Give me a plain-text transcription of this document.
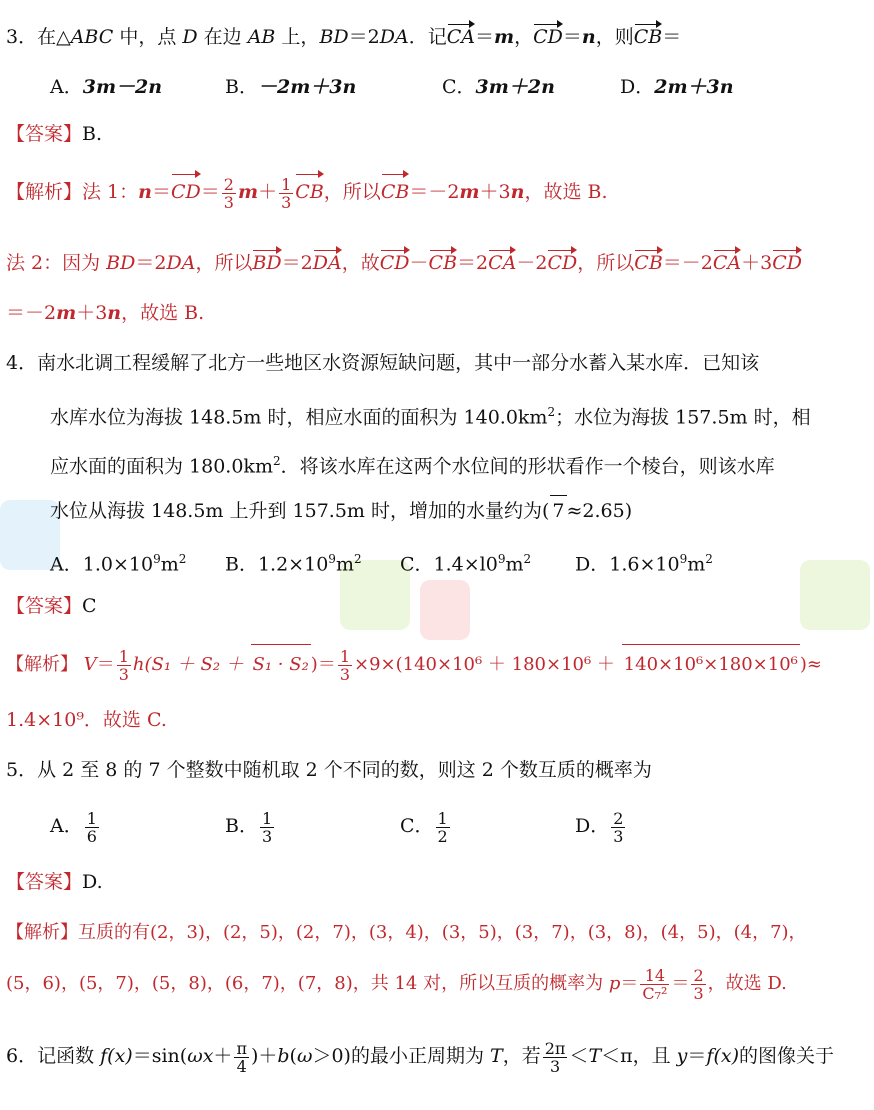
3．在△ABC 中，点 D 在边 AB 上，BD＝2DA．记CA＝m，CD＝n，则CB＝
A．3m－2n	B．－2m＋3n	C．3m＋2n	D．2m＋3n
【答案】B.
【解析】法 1：$n=CD= \frac{2}{3} m+ \frac{1}{3}$ CB，所以CB＝－2m＋3n，故选 B.
法 2：因为 BD＝2DA，所以BD＝2DA，故CD－CB＝2CA－2CD，所以CB＝－2CA＋3CD
＝－2m＋3n，故选 B.
4．南水北调工程缓解了北方一些地区水资源短缺问题，其中一部分水蓄入某水库．已知该
水库水位为海拔 148.5m 时，相应水面的面积为 $140.0km^2$；水位为海拔 157.5m 时，相
应水面的面积为 $180.0km^2$．将该水库在这两个水位间的形状看作一个棱台，则该水库
水位从海拔 148.5m 上升到 157.5m 时，增加的水量约为( 7 ≈2.65)
A．$1.0\times 10^9m^2$ B．$1.2\times 10^9m^2$ C．$1.4\times l0^9m^2$ D．$1.6\times 10^9m^2$
【答案】C
【解析】 $V= \frac{1}{3} h(S_1 + S_2 + S_1 \cdot S_2$ )＝ $\frac{1}{3} \times 9\times(140\times 10^6 + 180\times 10^6 + 140\times 10^6\times 180\times 10^6$ )≈
1.4×10⁹．故选 C.
5．从 2 至 8 的 7 个整数中随机取 2 个不同的数，则这 2 个数互质的概率为
A． $\frac{1}{6}$	B． $\frac{1}{3}$	C． $\frac{1}{2}$	D． $\frac{2}{3}$
【答案】D.
【解析】互质的有(2，3)，(2，5)，(2，7)，(3，4)，(3，5)，(3，7)，(3，8)，(4，5)，(4，7)，
(5，6)，(5，7)，(5，8)，(6，7)，(7，8)，共 14 对，所以互质的概率为 $p= \frac{14}{\text{C₇²}} = \frac{2}{3}$ ，故选 D.
6．记函数 $f(x)=\sin(\omega x+ \frac{\pi}{4} )+b(\omega>0)$的最小正周期为 T，若 $\frac{2\pi}{3} <T<\pi$，且 y＝f(x)的图像关于
